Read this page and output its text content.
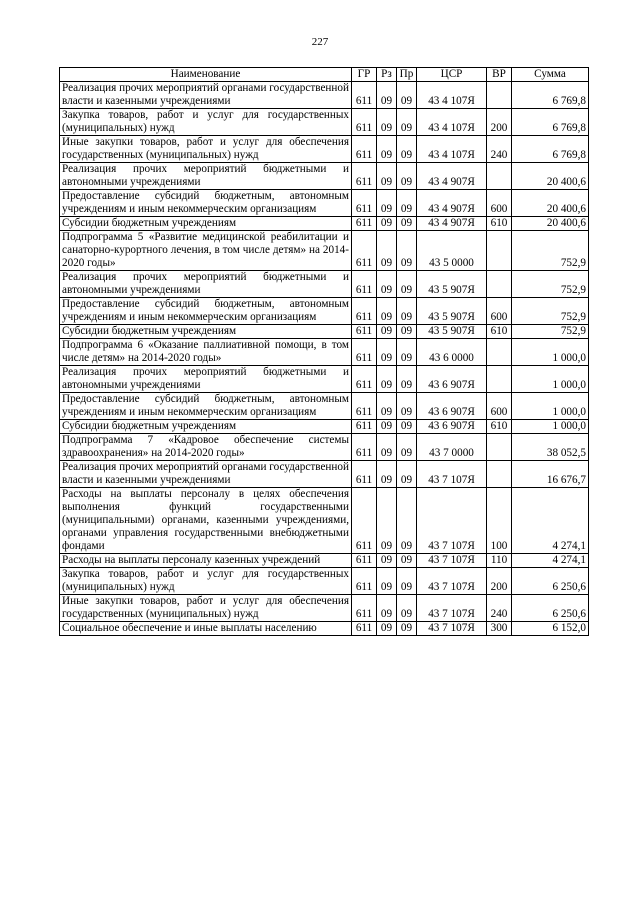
227
Наименование	ГР	Рз	Пр	ЦСР	ВР	Сумма
Реализация прочих мероприятий органами государственной власти и казенными учреждениями	611	09	09	43 4 107Я		6 769,8
Закупка товаров, работ и услуг для государственных (муниципальных) нужд	611	09	09	43 4 107Я	200	6 769,8
Иные закупки товаров, работ и услуг для обеспечения государственных (муниципальных) нужд	611	09	09	43 4 107Я	240	6 769,8
Реализация прочих мероприятий бюджетными и автономными учреждениями	611	09	09	43 4 907Я		20 400,6
Предоставление субсидий бюджетным, автономным учреждениям и иным некоммерческим организациям	611	09	09	43 4 907Я	600	20 400,6
Субсидии бюджетным учреждениям	611	09	09	43 4 907Я	610	20 400,6
Подпрограмма 5 «Развитие медицинской реабилитации и санаторно-курортного лечения, в том числе детям» на 2014-2020 годы»	611	09	09	43 5 0000		752,9
Реализация прочих мероприятий бюджетными и автономными учреждениями	611	09	09	43 5 907Я		752,9
Предоставление субсидий бюджетным, автономным учреждениям и иным некоммерческим организациям	611	09	09	43 5 907Я	600	752,9
Субсидии бюджетным учреждениям	611	09	09	43 5 907Я	610	752,9
Подпрограмма 6 «Оказание паллиативной помощи, в том числе детям» на 2014-2020 годы»	611	09	09	43 6 0000		1 000,0
Реализация прочих мероприятий бюджетными и автономными учреждениями	611	09	09	43 6 907Я		1 000,0
Предоставление субсидий бюджетным, автономным учреждениям и иным некоммерческим организациям	611	09	09	43 6 907Я	600	1 000,0
Субсидии бюджетным учреждениям	611	09	09	43 6 907Я	610	1 000,0
Подпрограмма 7 «Кадровое обеспечение системы здравоохранения» на 2014-2020 годы»	611	09	09	43 7 0000		38 052,5
Реализация прочих мероприятий органами государственной власти и казенными учреждениями	611	09	09	43 7 107Я		16 676,7
Расходы на выплаты персоналу в целях обеспечения выполнения функций государственными (муниципальными) органами, казенными учреждениями, органами управления государственными внебюджетными фондами	611	09	09	43 7 107Я	100	4 274,1
Расходы на выплаты персоналу казенных учреждений	611	09	09	43 7 107Я	110	4 274,1
Закупка товаров, работ и услуг для государственных (муниципальных) нужд	611	09	09	43 7 107Я	200	6 250,6
Иные закупки товаров, работ и услуг для обеспечения государственных (муниципальных) нужд	611	09	09	43 7 107Я	240	6 250,6
Социальное обеспечение и иные выплаты населению	611	09	09	43 7 107Я	300	6 152,0
